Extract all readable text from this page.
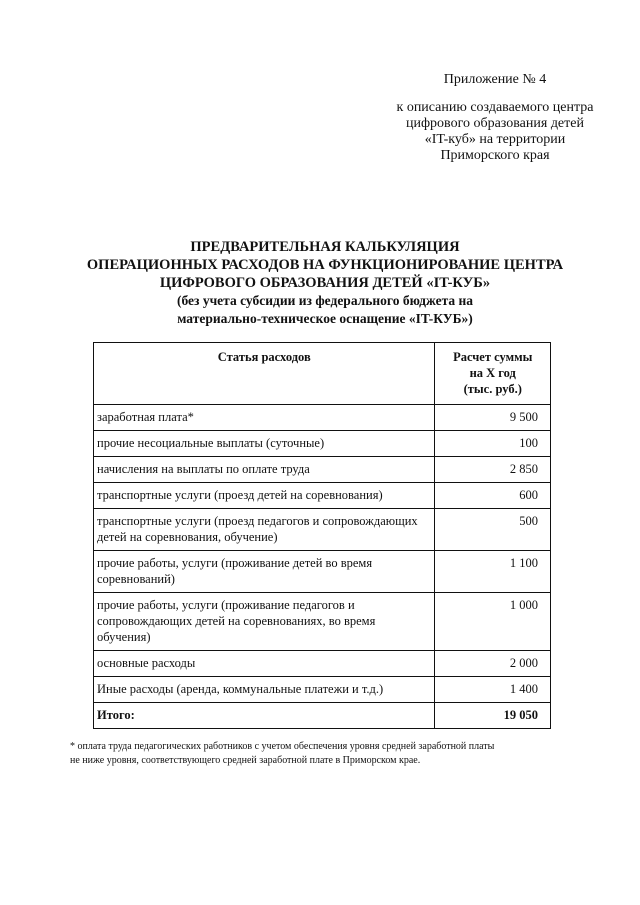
Приложение № 4
к описанию создаваемого центра
цифрового образования детей
«IT-куб» на территории
Приморского края
ПРЕДВАРИТЕЛЬНАЯ КАЛЬКУЛЯЦИЯ
ОПЕРАЦИОННЫХ РАСХОДОВ НА ФУНКЦИОНИРОВАНИЕ ЦЕНТРА
ЦИФРОВОГО ОБРАЗОВАНИЯ ДЕТЕЙ «IT-КУБ»
(без учета субсидии из федерального бюджета на
материально-техническое оснащение «IT-КУБ»)
Статья расходов	Расчет суммы
на X год
(тыс. руб.)

заработная плата*	9 500
прочие несоциальные выплаты (суточные)	100
начисления на выплаты по оплате труда	2 850
транспортные услуги (проезд детей на соревнования)	600
транспортные услуги (проезд педагогов и сопровождающих детей на соревнования, обучение)	500
прочие работы, услуги (проживание детей во время соревнований)	1 100
прочие работы, услуги (проживание педагогов и сопровождающих детей на соревнованиях, во время обучения)	1 000
основные расходы	2 000
Иные расходы (аренда, коммунальные платежи и т.д.)	1 400
Итого:	19 050
* оплата труда педагогических работников с учетом обеспечения уровня средней заработной платы
не ниже уровня, соответствующего средней заработной плате в Приморском крае.
